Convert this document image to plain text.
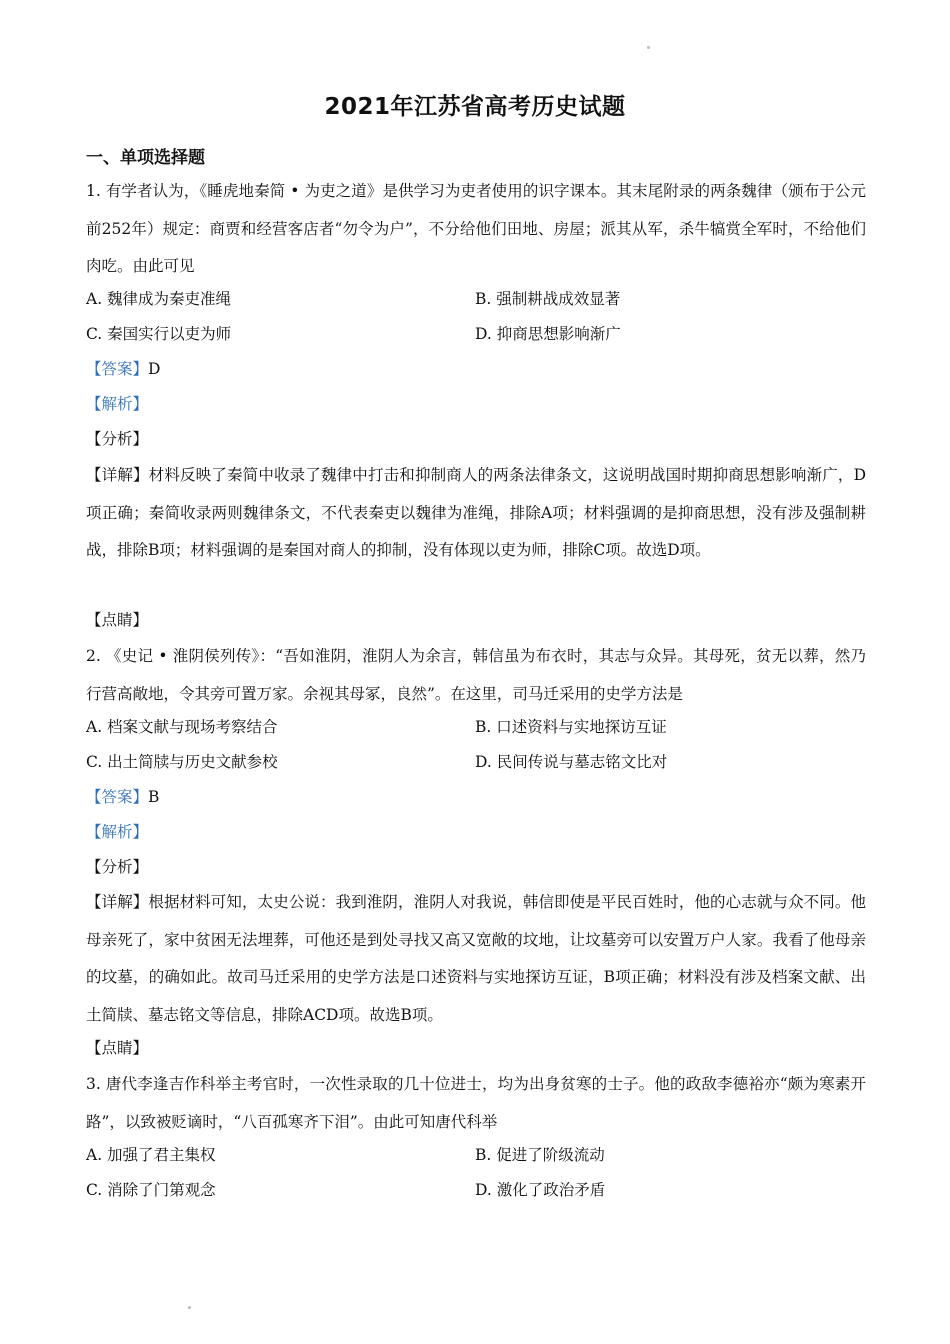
2021年江苏省高考历史试题
一、单项选择题

1. 有学者认为，《睡虎地秦简 • 为吏之道》是供学习为吏者使用的识字课本。其末尾附录的两条魏律（颁布于公元前252年）规定：商贾和经营客店者“勿令为户”，不分给他们田地、房屋；派其从军，杀牛犒赏全军时，不给他们肉吃。由此可见

A. 魏律成为秦吏准绳	B. 强制耕战成效显著
C. 秦国实行以吏为师	D. 抑商思想影响渐广
【答案】D
【解析】
【分析】

【详解】材料反映了秦简中收录了魏律中打击和抑制商人的两条法律条文，这说明战国时期抑商思想影响渐广，D项正确；秦简收录两则魏律条文，不代表秦吏以魏律为准绳，排除A项；材料强调的是抑商思想，没有涉及强制耕战，排除B项；材料强调的是秦国对商人的抑制，没有体现以吏为师，排除C项。故选D项。

【点睛】

2. 《史记 • 淮阴侯列传》：“吾如淮阴，淮阴人为余言，韩信虽为布衣时，其志与众异。其母死，贫无以葬，然乃行营高敞地，令其旁可置万家。余视其母冢，良然”。在这里，司马迁采用的史学方法是

A. 档案文献与现场考察结合	B. 口述资料与实地探访互证
C. 出土简牍与历史文献参校	D. 民间传说与墓志铭文比对
【答案】B
【解析】
【分析】

【详解】根据材料可知，太史公说：我到淮阴，淮阴人对我说，韩信即使是平民百姓时，他的心志就与众不同。他母亲死了，家中贫困无法埋葬，可他还是到处寻找又高又宽敞的坟地，让坟墓旁可以安置万户人家。我看了他母亲的坟墓，的确如此。故司马迁采用的史学方法是口述资料与实地探访互证，B项正确；材料没有涉及档案文献、出土简牍、墓志铭文等信息，排除ACD项。故选B项。

【点睛】

3. 唐代李逢吉作科举主考官时，一次性录取的几十位进士，均为出身贫寒的士子。他的政敌李德裕亦“颇为寒素开路”，以致被贬谪时，“八百孤寒齐下泪”。由此可知唐代科举

A. 加强了君主集权	B. 促进了阶级流动
C. 消除了门第观念	D. 激化了政治矛盾
